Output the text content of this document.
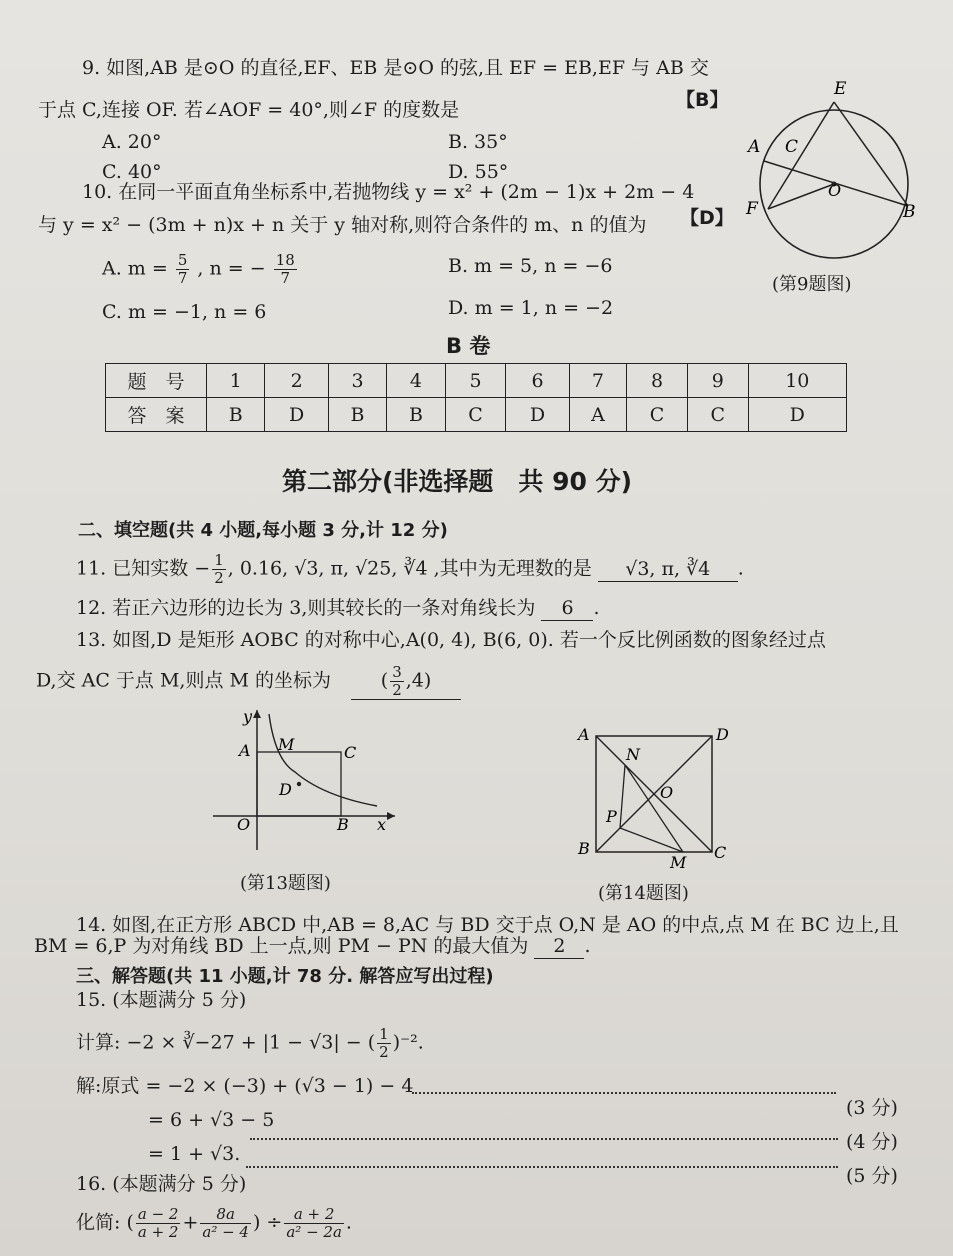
9. 如图,AB 是⊙O 的直径,EF、EB 是⊙O 的弦,且 EF = EB,EF 与 AB 交
于点 C,连接 OF. 若∠AOF = 40°,则∠F 的度数是	【B】
A. 20°	B. 35°
C. 40°	D. 55°
E
A C
O
F	B
(第9题图)
10. 在同一平面直角坐标系中,若抛物线 y = x² + (2m − 1)x + 2m − 4
与 y = x² − (3m + n)x + n 关于 y 轴对称,则符合条件的 m、n 的值为 【D】
A. $m = \frac{5}{7}$ , n = − $\frac{18}{7}$	B. m = 5, n = −6
C. m = −1, n = 6	D. m = 1, n = −2
B 卷
题　号	1	2	3	4	5	6	7	8	9	10
答　案	B	D	B	B	C	D	A	C	C	D
第二部分(非选择题　共 90 分)
二、填空题(共 4 小题,每小题 3 分,计 12 分)
11. 已知实数 − $\frac{1}{2}$ , 0.16, √3, π, √25, ∛4 ,其中为无理数的是 √3, π, ∛4 .
12. 若正六边形的边长为 3,则其较长的一条对角线长为 6 .
13. 如图,D 是矩形 AOBC 的对称中心,A(0, 4), B(6, 0). 若一个反比例函数的图象经过点
D,交 AC 于点 M,则点 M 的坐标为	( $\frac{3}{2} ,4$)
y
A M	C
D
O	B x
(第13题图)
A	D
N
O
P
B
M
C
(第14题图)
14. 如图,在正方形 ABCD 中,AB = 8,AC 与 BD 交于点 O,N 是 AO 的中点,点 M 在 BC 边上,且
BM = 6,P 为对角线 BD 上一点,则 PM − PN 的最大值为 2 .
三、解答题(共 11 小题,计 78 分. 解答应写出过程)
15. (本题满分 5 分)
计算: −2 × ∛−27 + |1 − √3| − ( $\frac{1}{2} )^{-2}$.
解:原式 = −2 × (−3) + (√3 − 1) − 4
(3 分)
= 6 + √3 − 5
(4 分)
= 1 + √3.
(5 分)
16. (本题满分 5 分)
化简: ( $\frac{a - 2}{a + 2} + \frac{8a}{\text{a² − 4}}$ ) ÷ $\frac{a + 2}{\text{a² − 2a}}$ .
